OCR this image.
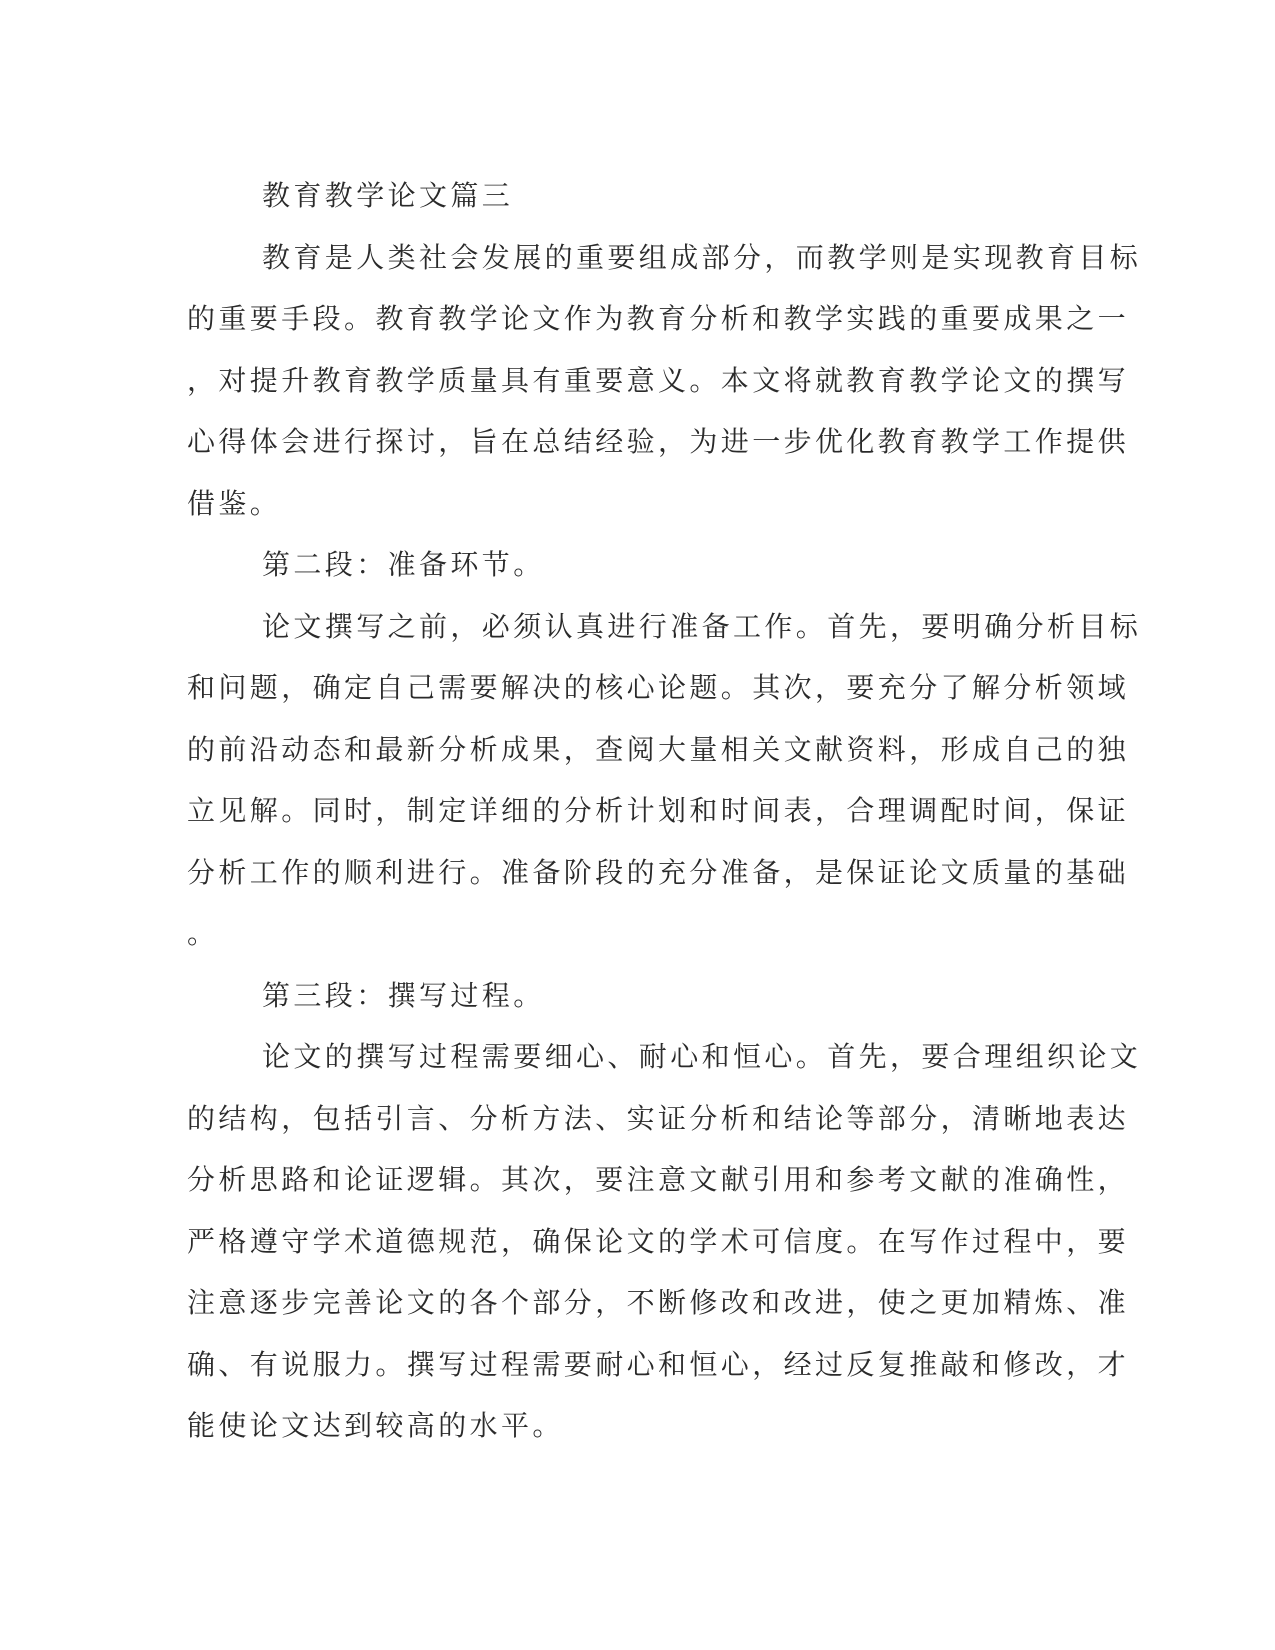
教育教学论文篇三
教育是人类社会发展的重要组成部分，而教学则是实现教育目标
的重要手段。教育教学论文作为教育分析和教学实践的重要成果之一
，对提升教育教学质量具有重要意义。本文将就教育教学论文的撰写
心得体会进行探讨，旨在总结经验，为进一步优化教育教学工作提供
借鉴。
第二段：准备环节。
论文撰写之前，必须认真进行准备工作。首先，要明确分析目标
和问题，确定自己需要解决的核心论题。其次，要充分了解分析领域
的前沿动态和最新分析成果，查阅大量相关文献资料，形成自己的独
立见解。同时，制定详细的分析计划和时间表，合理调配时间，保证
分析工作的顺利进行。准备阶段的充分准备，是保证论文质量的基础
。
第三段：撰写过程。
论文的撰写过程需要细心、耐心和恒心。首先，要合理组织论文
的结构，包括引言、分析方法、实证分析和结论等部分，清晰地表达
分析思路和论证逻辑。其次，要注意文献引用和参考文献的准确性，
严格遵守学术道德规范，确保论文的学术可信度。在写作过程中，要
注意逐步完善论文的各个部分，不断修改和改进，使之更加精炼、准
确、有说服力。撰写过程需要耐心和恒心，经过反复推敲和修改，才
能使论文达到较高的水平。
